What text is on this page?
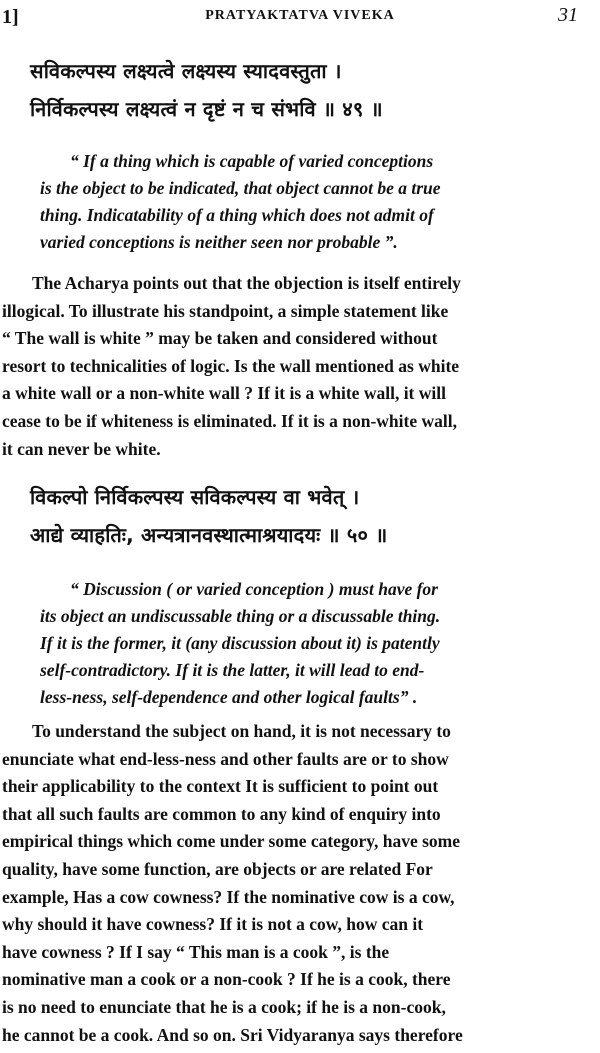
1]	PRATYAKTATVA VIVEKA	31
सविकल्पस्य लक्ष्यत्वे लक्ष्यस्य स्यादवस्तुता ।
निर्विकल्पस्य लक्ष्यत्वं न दृष्टं न च संभवि ॥ ४९ ॥
“ If a thing which is capable of varied conceptions
is the object to be indicated, that object cannot be a true
thing. Indicatability of a thing which does not admit of
varied conceptions is neither seen nor probable ”.
The Acharya points out that the objection is itself entirely
illogical. To illustrate his standpoint, a simple statement like
“ The wall is white ” may be taken and considered without
resort to technicalities of logic. Is the wall mentioned as white
a white wall or a non-white wall ? If it is a white wall, it will
cease to be if whiteness is eliminated. If it is a non-white wall,
it can never be white.
विकल्पो निर्विकल्पस्य सविकल्पस्य वा भवेत् ।
आद्ये व्याहतिः, अन्यत्रानवस्थात्माश्रयादयः ॥ ५० ॥
“ Discussion ( or varied conception ) must have for
its object an undiscussable thing or a discussable thing.
If it is the former, it (any discussion about it) is patently
self-contradictory. If it is the latter, it will lead to end-
less-ness, self-dependence and other logical faults” .
To understand the subject on hand, it is not necessary to
enunciate what end-less-ness and other faults are or to show
their applicability to the context It is sufficient to point out
that all such faults are common to any kind of enquiry into
empirical things which come under some category, have some
quality, have some function, are objects or are related For
example, Has a cow cowness? If the nominative cow is a cow,
why should it have cowness? If it is not a cow, how can it
have cowness ? If I say “ This man is a cook ”, is the
nominative man a cook or a non-cook ? If he is a cook, there
is no need to enunciate that he is a cook; if he is a non-cook,
he cannot be a cook. And so on. Sri Vidyaranya says therefore
